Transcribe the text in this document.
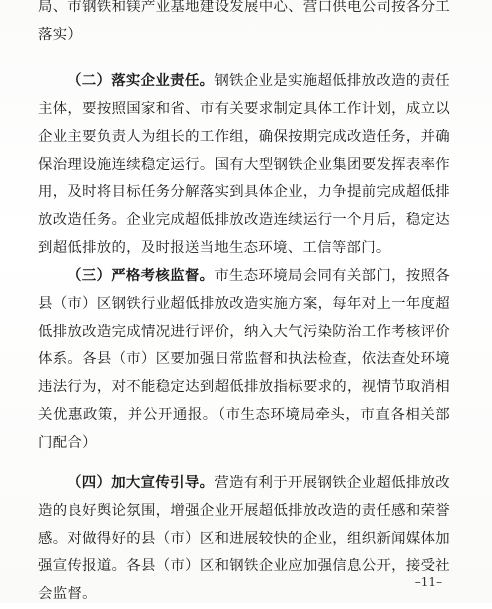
局、市钢铁和镁产业基地建设发展中心、营口供电公司按各分工落实）

（二）落实企业责任。钢铁企业是实施超低排放改造的责任主体，要按照国家和省、市有关要求制定具体工作计划，成立以企业主要负责人为组长的工作组，确保按期完成改造任务，并确保治理设施连续稳定运行。国有大型钢铁企业集团要发挥表率作用，及时将目标任务分解落实到具体企业，力争提前完成超低排放改造任务。企业完成超低排放改造连续运行一个月后，稳定达到超低排放的，及时报送当地生态环境、工信等部门。

（三）严格考核监督。市生态环境局会同有关部门，按照各县（市）区钢铁行业超低排放改造实施方案，每年对上一年度超低排放改造完成情况进行评价，纳入大气污染防治工作考核评价体系。各县（市）区要加强日常监督和执法检查，依法查处环境违法行为，对不能稳定达到超低排放指标要求的，视情节取消相关优惠政策，并公开通报。（市生态环境局牵头，市直各相关部门配合）

（四）加大宣传引导。营造有利于开展钢铁企业超低排放改造的良好舆论氛围，增强企业开展超低排放改造的责任感和荣誉感。对做得好的县（市）区和进展较快的企业，组织新闻媒体加强宣传报道。各县（市）区和钢铁企业应加强信息公开，接受社会监督。

–11–
